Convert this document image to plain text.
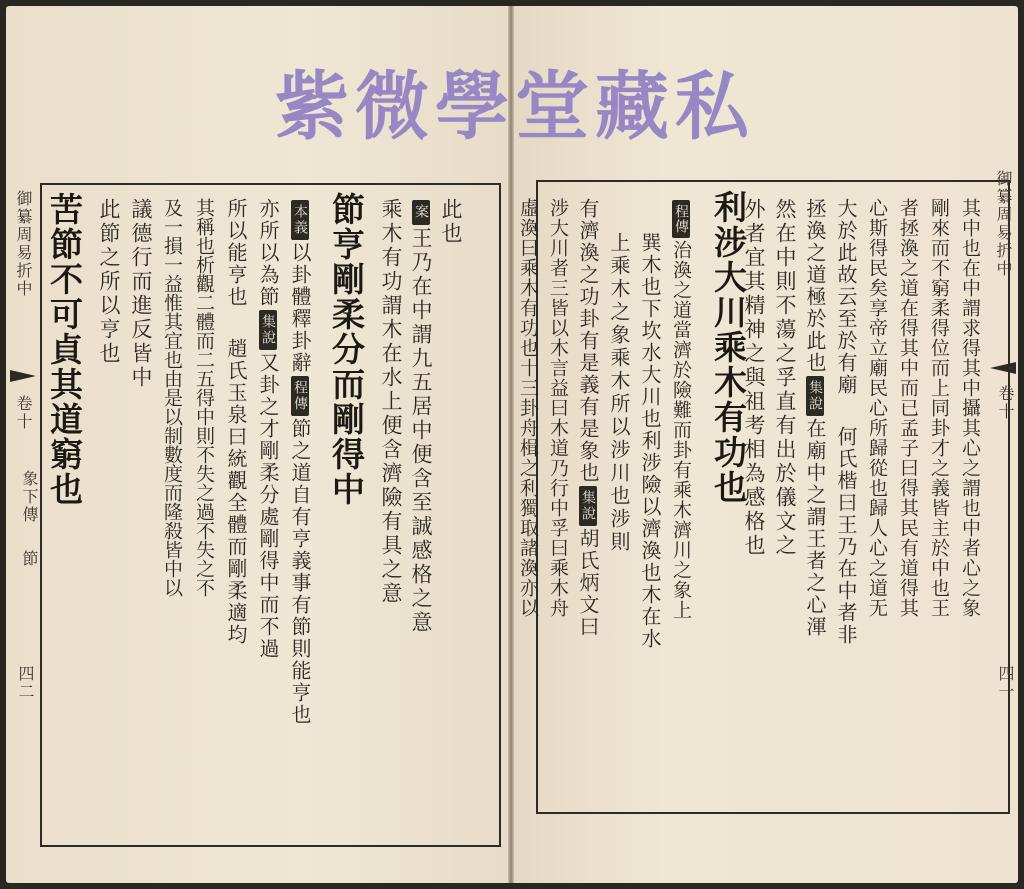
紫微學堂藏私
御纂周易折中
卷十
象下傳
節
四二
御纂周易折中
卷十
四一
此也
案王乃在中謂九五居中便含至誠感格之意
乘木有功謂木在水上便含濟險有具之意
節亨剛柔分而剛得中
本義以卦體釋卦辭程傳節之道自有亨義事有節則能亨也
亦所以為節集說又卦之才剛柔分處剛得中而不過
所以能亨也趙氏玉泉曰統觀全體而剛柔適均
其稱也析觀二體而二五得中則不失之過不失之不
及一損一益惟其宜也由是以制數度而隆殺皆中以
議德行而進反皆中
此節之所以亨也
苦節不可貞其道窮也	其中也在中謂求得其中攝其心之謂也中者心之象
剛來而不窮柔得位而上同卦才之義皆主於中也王
者拯渙之道在得其中而已孟子曰得其民有道得其
心斯得民矣享帝立廟民心所歸從也歸人心之道无
大於此故云至於有廟何氏楷曰王乃在中者非
拯渙之道極於此也集說在廟中之謂王者之心渾
然在中則不蕩之孚直有出於儀文之
外者宜其精神之與祖考相為感格也
利涉大川乘木有功也
程傳治渙之道當濟於險難而卦有乘木濟川之象上
巽木也下坎水大川也利涉險以濟渙也木在水
上乘木之象乘木所以涉川也涉則
有濟渙之功卦有是義有是象也集說胡氏炳文曰
涉大川者三皆以木言益曰木道乃行中孚曰乘木舟
虛渙曰乘木有功也十三卦舟楫之利獨取諸渙亦以
